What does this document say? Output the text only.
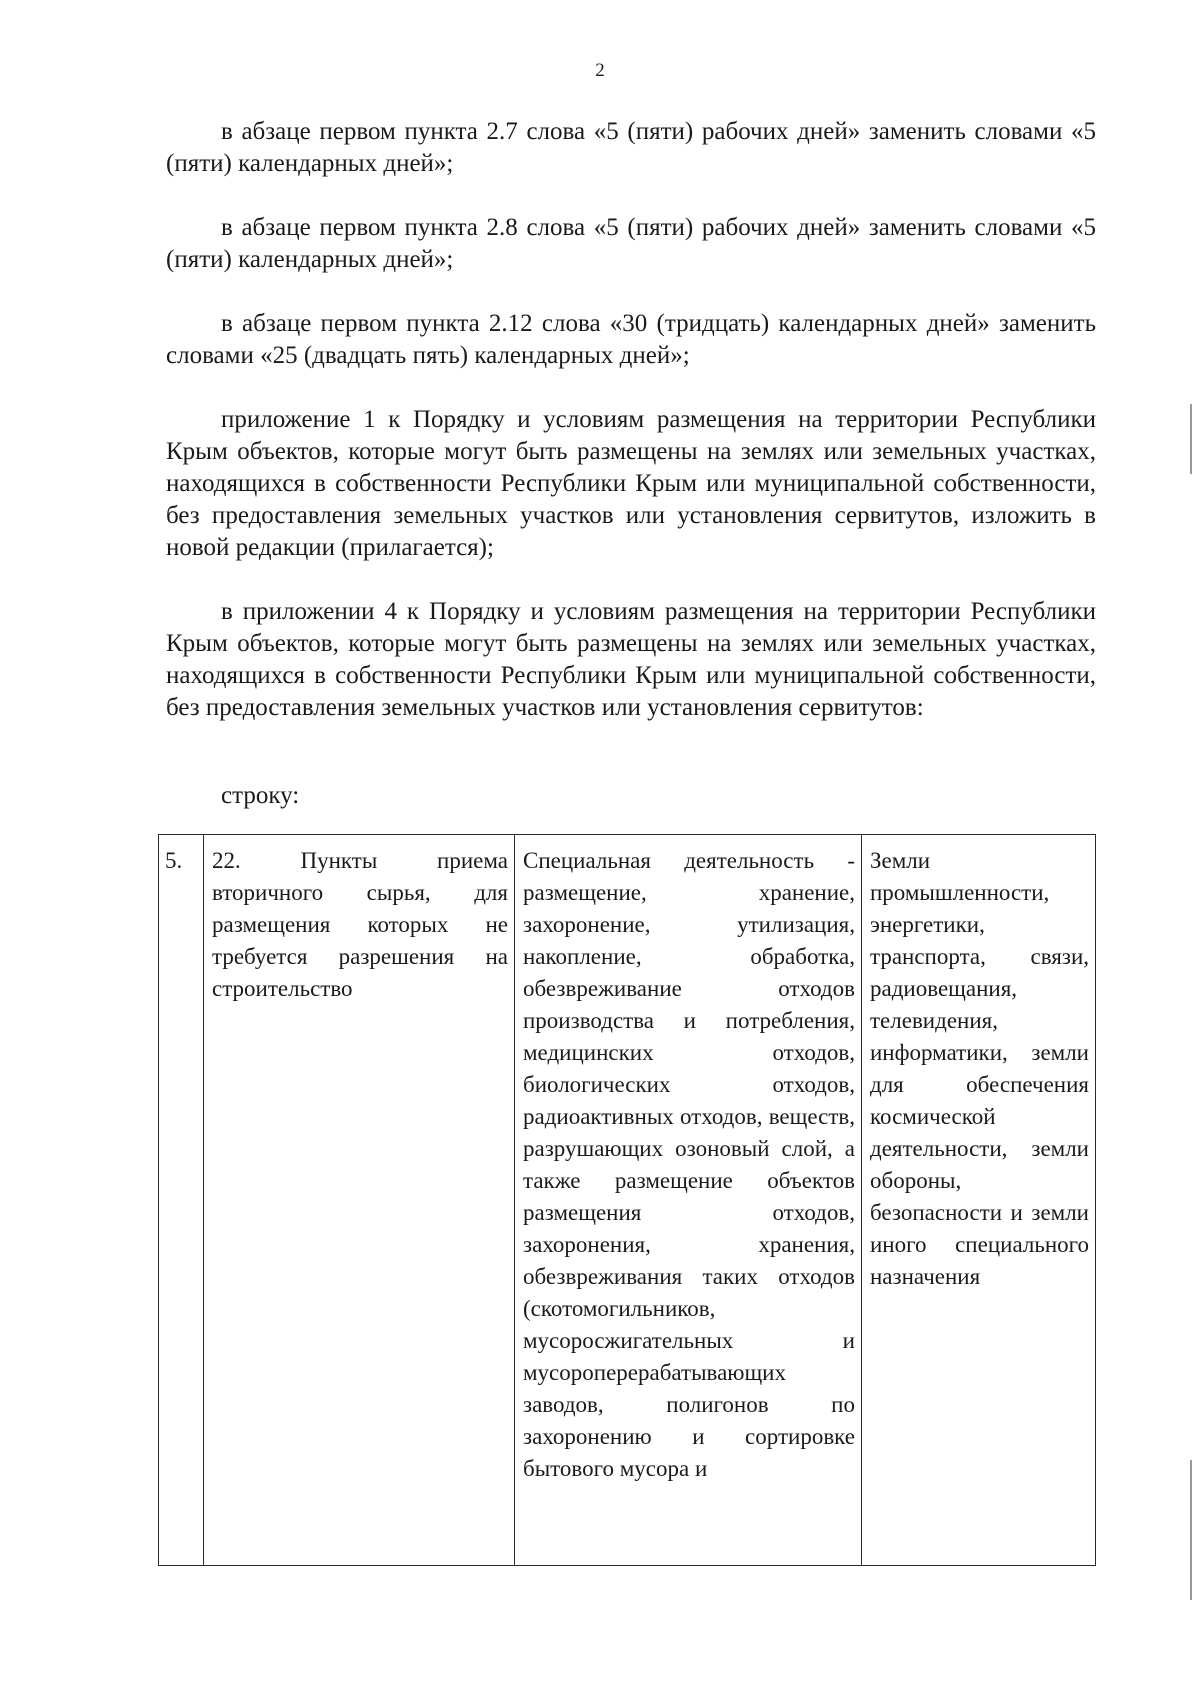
2

в абзаце первом пункта 2.7 слова «5 (пяти) рабочих дней» заменить словами «5 (пяти) календарных дней»;

в абзаце первом пункта 2.8 слова «5 (пяти) рабочих дней» заменить словами «5 (пяти) календарных дней»;

в абзаце первом пункта 2.12 слова «30 (тридцать) календарных дней» заменить словами «25 (двадцать пять) календарных дней»;

приложение 1 к Порядку и условиям размещения на территории Республики Крым объектов, которые могут быть размещены на землях или земельных участках, находящихся в собственности Республики Крым или муниципальной собственности, без предоставления земельных участков или установления сервитутов, изложить в новой редакции (прилагается);

в приложении 4 к Порядку и условиям размещения на территории Республики Крым объектов, которые могут быть размещены на землях или земельных участках, находящихся в собственности Республики Крым или муниципальной собственности, без предоставления земельных участков или установления сервитутов:

строку:

5.	22. Пункты приема вторичного сырья, для размещения которых не требуется разрешения на строительство	Специальная деятельность - размещение, хранение, захоронение, утилизация, накопление, обработка, обезвреживание отходов производства и потребления, медицинских отходов, биологических отходов, радиоактивных отходов, веществ, разрушающих озоновый слой, а также размещение объектов размещения отходов, захоронения, хранения, обезвреживания таких отходов (скотомогильников, мусоросжигательных и мусороперерабатывающих заводов, полигонов по захоронению и сортировке бытового мусора и	Земли промышленности, энергетики, транспорта, связи, радиовещания, телевидения, информатики, земли для обеспечения космической деятельности, земли обороны, безопасности и земли иного специального назначения
